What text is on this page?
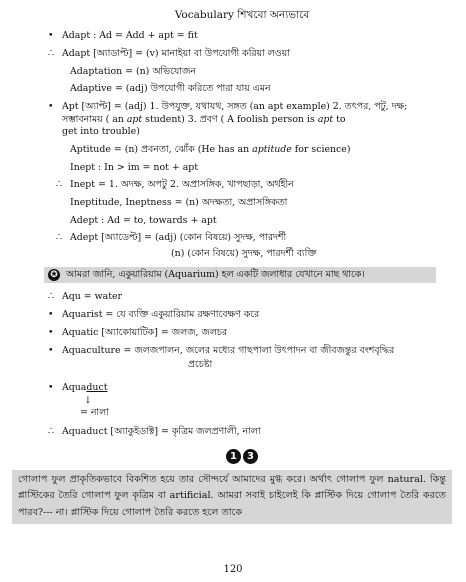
Vocabulary শিখবো অন্যভাবে
• Adapt : Ad = Add + apt = fit
∴ Adapt [অ্যাডাপ্ট] = (v) মানাইয়া বা উপযোগী করিয়া লওয়া
Adaptation = (n) অভিযোজন
Adaptive = (adj) উপযোগী করিতে পারা যায় এমন
• Apt [অ্যাপ্ট] = (adj) 1. উপযুক্ত, যথাযথ, সঙ্গত (an apt example) 2. তৎপর, পটু, দক্ষ;
সম্ভাবনাময় ( an apt student) 3. প্রবণ ( A foolish person is apt to
get into trouble)
Aptitude = (n) প্রবনতা, ঝোঁক (He has an aptitude for science)
Inept : In > im = not + apt
∴ Inept = 1. অদক্ষ, অপটু 2. অপ্রাসঙ্গিক, খাপছাড়া, অর্থহীন
Ineptitude, Ineptness = (n) অদক্ষতা, অপ্রাসঙ্গিকতা
Adept : Ad = to, towards + apt
∴ Adept [অ্যাডেপ্ট] = (adj) (কোন বিষয়ে) সুদক্ষ, পারদর্শী
(n) (কোন বিষয়ে) সুদক্ষ, পারদর্শী ব্যক্তি
✪ আমরা জানি, একুয়ারিয়াম (Aquarium) হল একটি জলাধার যেখানে মাছ থাকে।
∴ Aqu = water
• Aquarist = যে ব্যক্তি একুয়ারিয়াম রক্ষণাবেক্ষণ করে
• Aquatic [অ্যাকোয়াটিক] = জলজ, জলচর
• Aquaculture = জলজপালন, জলের মধ্যের গাছপালা উৎপাদন বা জীবজন্তুর বংশবৃদ্ধির
প্রচেষ্টা
• Aquaduct
↓
= নালা
∴ Aquaduct [অ্যাকুইডাক্ট] = কৃত্রিম জলপ্রণালী, নালা
1	3
গোলাপ ফুল প্রাকৃতিকভাবে বিকশিত হয়ে তার সৌন্দর্যে আমাদের মুগ্ধ করে। অর্থাৎ গোলাপ ফুল natural. কিন্তু প্লাস্টিকের তৈরি গোলাপ ফুল কৃত্রিম বা artificial. আমরা সবাই চাইলেই কি প্লাস্টিক দিয়ে গোলাপ তৈরি করতে পারব?--- না। প্লাস্টিক দিয়ে গোলাপ তৈরি করতে হলে তাকে
120
